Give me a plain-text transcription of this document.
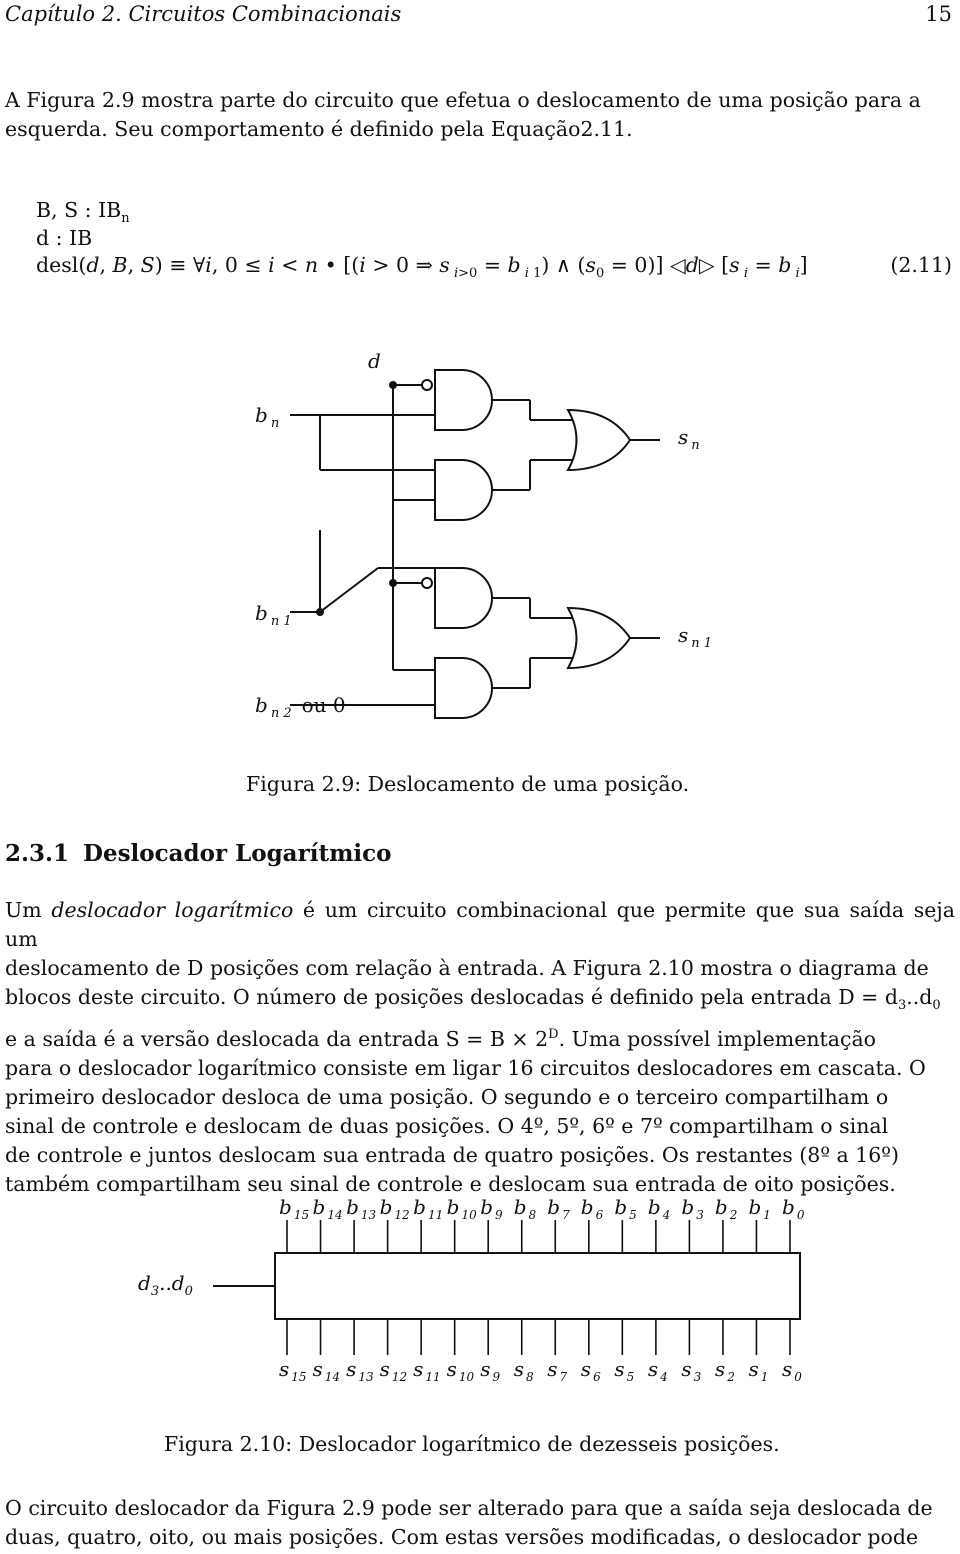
Capítulo 2. Circuitos Combinacionais	15
A Figura 2.9 mostra parte do circuito que efetua o deslocamento de uma posição para a
esquerda. Seu comportamento é definido pela Equação2.11.
B, S : $IB_n$
d : IB
desl(d, B, S) ≡ ∀i, 0 ≤ i < n • [(i > 0 ⇒ s $_{i>0}$ = b $_{i 1}$) ∧ $(s_0 = 0)$] ◁d▷ [s $_i$ = b $_i$]	(2.11)
d
b $_n$
s $_n$
b $_{n 1}$
s $_{n 1}$
b $_{n 2}$ ou 0
Figura 2.9: Deslocamento de uma posição.
2.3.1 Deslocador Logarítmico
Um deslocador logarítmico é um circuito combinacional que permite que sua saída seja um
deslocamento de D posições com relação à entrada. A Figura 2.10 mostra o diagrama de
blocos deste circuito. O número de posições deslocadas é definido pela entrada $D = d_3..d_0$
e a saída é a versão deslocada da entrada $S = B \times 2^D$. Uma possível implementação
para o deslocador logarítmico consiste em ligar 16 circuitos deslocadores em cascata. O
primeiro deslocador desloca de uma posição. O segundo e o terceiro compartilham o
sinal de controle e deslocam de duas posições. O 4º, 5º, 6º e 7º compartilham o sinal
de controle e juntos deslocam sua entrada de quatro posições. Os restantes (8º a 16º)
também compartilham seu sinal de controle e deslocam sua entrada de oito posições.
b $_{15}$ b $_{14}$ b $_{13}$ b $_{12}$ b $_{11}$ b $_{10}$ b $_9$ b $_8$ b $_7$ b $_6$ b $_5$ b $_4$ b $_3$ b $_2$ b $_1$ b $_0$
s $_{15}$ s $_{14}$ s $_{13}$ s $_{12}$ s $_{11}$ s $_{10}$ s $_9$ s $_8$ s $_7$ s $_6$ s $_5$ s $_4$ s $_3$ s $_2$ s $_1$ s $_0$
$d_3..d_0$
Figura 2.10: Deslocador logarítmico de dezesseis posições.
O circuito deslocador da Figura 2.9 pode ser alterado para que a saída seja deslocada de
duas, quatro, oito, ou mais posições. Com estas versões modificadas, o deslocador pode
